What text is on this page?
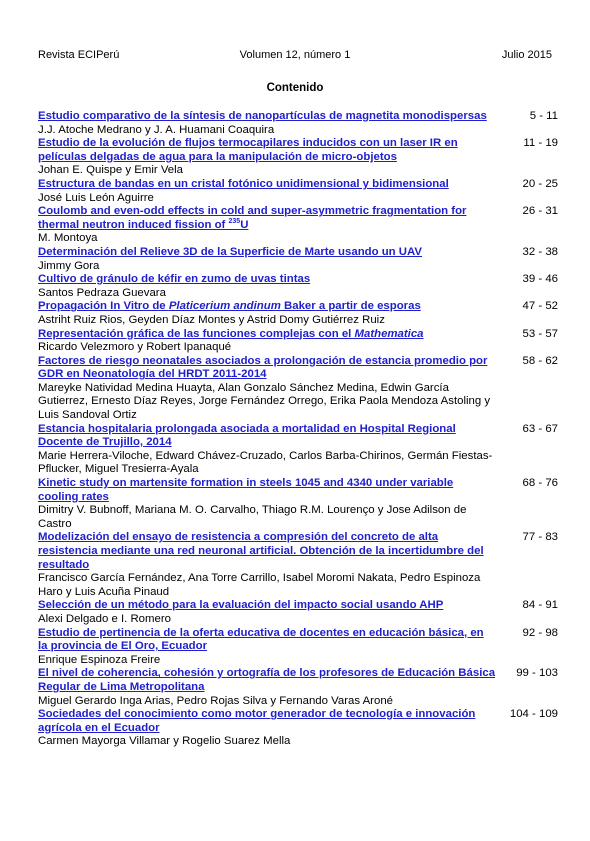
Revista ECIPerú	Volumen 12, número 1	Julio 2015
Contenido
Estudio comparativo de la síntesis de nanopartículas de magnetita monodispersas
J.J. Atoche Medrano y J. A. Huamani Coaquira
5 - 11
Estudio de la evolución de flujos termocapilares inducidos con un laser IR en películas delgadas de agua para la manipulación de micro-objetos
Johan E. Quispe y Emir Vela
11 - 19
Estructura de bandas en un cristal fotónico unidimensional y bidimensional
José Luis León Aguirre
20 - 25
Coulomb and even-odd effects in cold and super-asymmetric fragmentation for thermal neutron induced fission of $^{235}$U
M. Montoya
26 - 31
Determinación del Relieve 3D de la Superficie de Marte usando un UAV
Jimmy Gora
32 - 38
Cultivo de gránulo de kéfir en zumo de uvas tintas
Santos Pedraza Guevara
39 - 46
Propagación In Vitro de Platicerium andinum Baker a partir de esporas
Astriht Ruiz Rios, Geyden Díaz Montes y Astrid Domy Gutiérrez Ruiz
47 - 52
Representación gráfica de las funciones complejas con el Mathematica
Ricardo Velezmoro y Robert Ipanaqué
53 - 57
Factores de riesgo neonatales asociados a prolongación de estancia promedio por GDR en Neonatología del HRDT 2011-2014
Mareyke Natividad Medina Huayta, Alan Gonzalo Sánchez Medina, Edwin García Gutierrez, Ernesto Díaz Reyes, Jorge Fernández Orrego, Erika Paola Mendoza Astoling y Luis Sandoval Ortiz
58 - 62
Estancia hospitalaria prolongada asociada a mortalidad en Hospital Regional Docente de Trujillo, 2014
Marie Herrera-Viloche, Edward Chávez-Cruzado, Carlos Barba-Chirinos, Germán Fiestas-Pflucker, Miguel Tresierra-Ayala
63 - 67
Kinetic study on martensite formation in steels 1045 and 4340 under variable cooling rates
Dimitry V. Bubnoff, Mariana M. O. Carvalho, Thiago R.M. Lourenço y Jose Adilson de Castro
68 - 76
Modelización del ensayo de resistencia a compresión del concreto de alta resistencia mediante una red neuronal artificial. Obtención de la incertidumbre del resultado
Francisco García Fernández, Ana Torre Carrillo, Isabel Moromi Nakata, Pedro Espinoza Haro y Luis Acuña Pinaud
77 - 83
Selección de un método para la evaluación del impacto social usando AHP
Alexi Delgado e I. Romero
84 - 91
Estudio de pertinencia de la oferta educativa de docentes en educación básica, en la provincia de El Oro, Ecuador
Enrique Espinoza Freire
92 - 98
El nivel de coherencia, cohesión y ortografía de los profesores de Educación Básica Regular de Lima Metropolitana
Miguel Gerardo Inga Arias, Pedro Rojas Silva y Fernando Varas Aroné
99 - 103
Sociedades del conocimiento como motor generador de tecnología e innovación agrícola en el Ecuador
Carmen Mayorga Villamar y Rogelio Suarez Mella
104 - 109
